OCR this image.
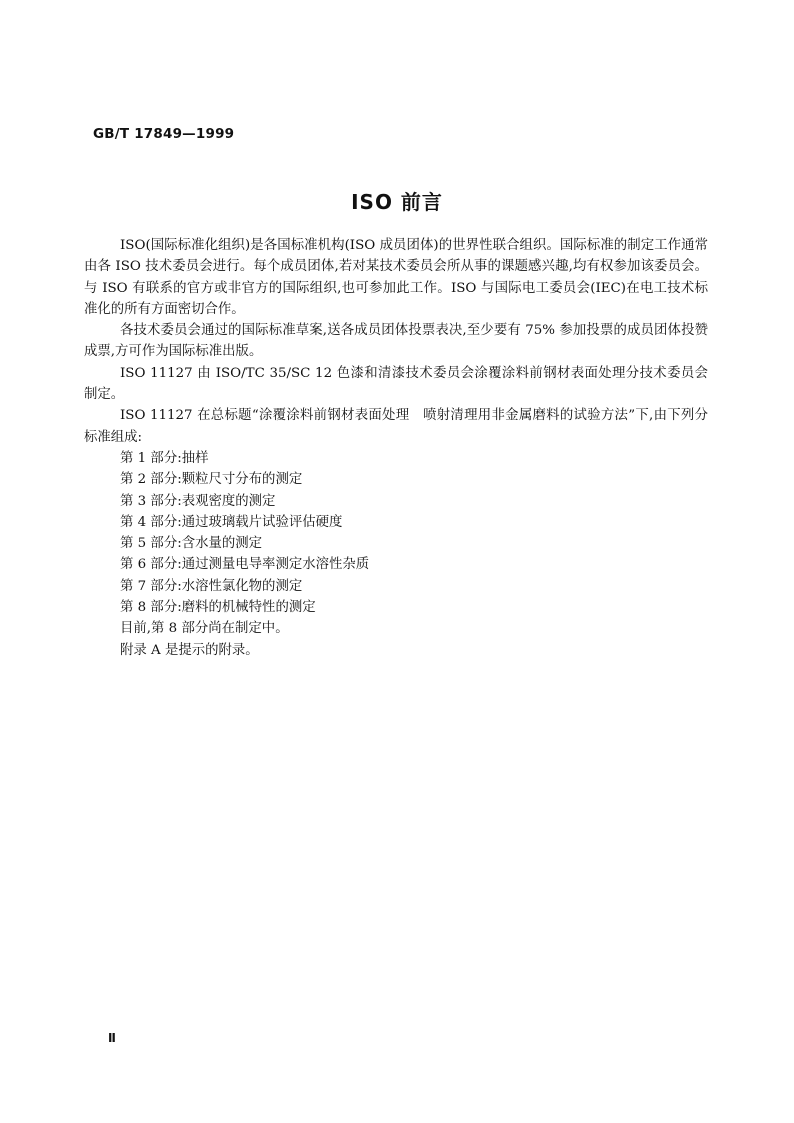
GB/T 17849—1999
ISO 前言

ISO(国际标准化组织)是各国标准机构(ISO 成员团体)的世界性联合组织。国际标准的制定工作通常由各 ISO 技术委员会进行。每个成员团体,若对某技术委员会所从事的课题感兴趣,均有权参加该委员会。与 ISO 有联系的官方或非官方的国际组织,也可参加此工作。ISO 与国际电工委员会(IEC)在电工技术标准化的所有方面密切合作。

各技术委员会通过的国际标准草案,送各成员团体投票表决,至少要有 75% 参加投票的成员团体投赞成票,方可作为国际标准出版。

ISO 11127 由 ISO/TC 35/SC 12 色漆和清漆技术委员会涂覆涂料前钢材表面处理分技术委员会制定。

ISO 11127 在总标题“涂覆涂料前钢材表面处理　喷射清理用非金属磨料的试验方法”下,由下列分标准组成:

第 1 部分:抽样

第 2 部分:颗粒尺寸分布的测定

第 3 部分:表观密度的测定

第 4 部分:通过玻璃载片试验评估硬度

第 5 部分:含水量的测定

第 6 部分:通过测量电导率测定水溶性杂质

第 7 部分:水溶性氯化物的测定

第 8 部分:磨料的机械特性的测定

目前,第 8 部分尚在制定中。

附录 A 是提示的附录。

Ⅱ
